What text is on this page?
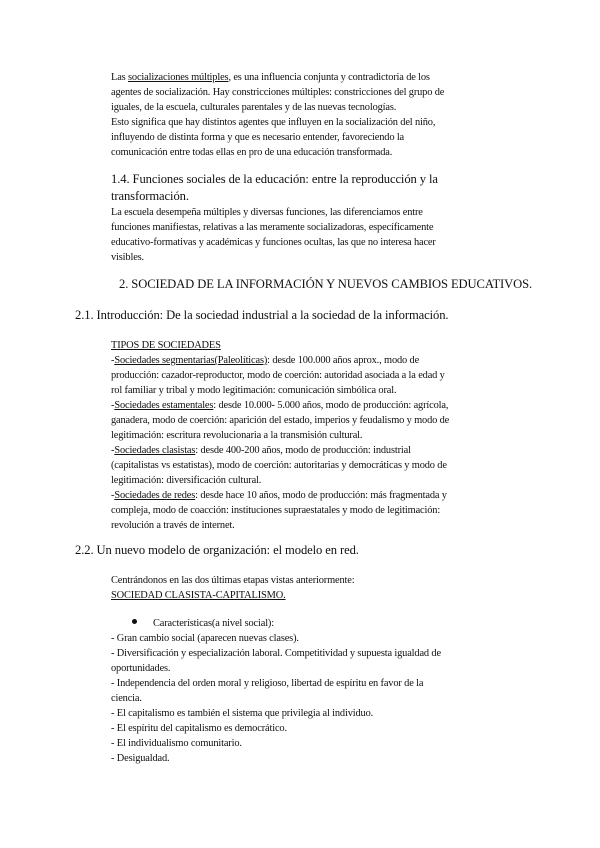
Las socializaciones múltiples, es una influencia conjunta y contradictoria de los

agentes de socialización. Hay constricciones múltiples: constricciones del grupo de

iguales, de la escuela, culturales parentales y de las nuevas tecnologías.

Esto significa que hay distintos agentes que influyen en la socialización del niño,

influyendo de distinta forma y que es necesario entender, favoreciendo la

comunicación entre todas ellas en pro de una educación transformada.

1.4. Funciones sociales de la educación: entre la reproducción y la

transformación.

La escuela desempeña múltiples y diversas funciones, las diferenciamos entre

funciones manifiestas, relativas a las meramente socializadoras, específicamente

educativo-formativas y académicas y funciones ocultas, las que no interesa hacer

visibles.

2. SOCIEDAD DE LA INFORMACIÓN Y NUEVOS CAMBIOS EDUCATIVOS.

2.1. Introducción: De la sociedad industrial a la sociedad de la información.

TIPOS DE SOCIEDADES

-Sociedades segmentarias(Paleolíticas): desde 100.000 años aprox., modo de

producción: cazador-reproductor, modo de coerción: autoridad asociada a la edad y

rol familiar y tribal y modo legitimación: comunicación simbólica oral.

-Sociedades estamentales: desde 10.000- 5.000 años, modo de producción: agrícola,

ganadera, modo de coerción: aparición del estado, imperios y feudalismo y modo de

legitimación: escritura revolucionaria a la transmisión cultural.

-Sociedades clasistas: desde 400-200 años, modo de producción: industrial

(capitalistas vs estatistas), modo de coerción: autoritarias y democráticas y modo de

legitimación: diversificación cultural.

-Sociedades de redes: desde hace 10 años, modo de producción: más fragmentada y

compleja, modo de coacción: instituciones supraestatales y modo de legitimación:

revolución a través de internet.

2.2. Un nuevo modelo de organización: el modelo en red.

Centrándonos en las dos últimas etapas vistas anteriormente:

SOCIEDAD CLASISTA-CAPITALISMO.

Características(a nivel social):

- Gran cambio social (aparecen nuevas clases).

- Diversificación y especialización laboral. Competitividad y supuesta igualdad de

oportunidades.

- Independencia del orden moral y religioso, libertad de espíritu en favor de la

ciencia.

- El capitalismo es también el sistema que privilegia al individuo.

- El espíritu del capitalismo es democrático.

- El individualismo comunitario.

- Desigualdad.
